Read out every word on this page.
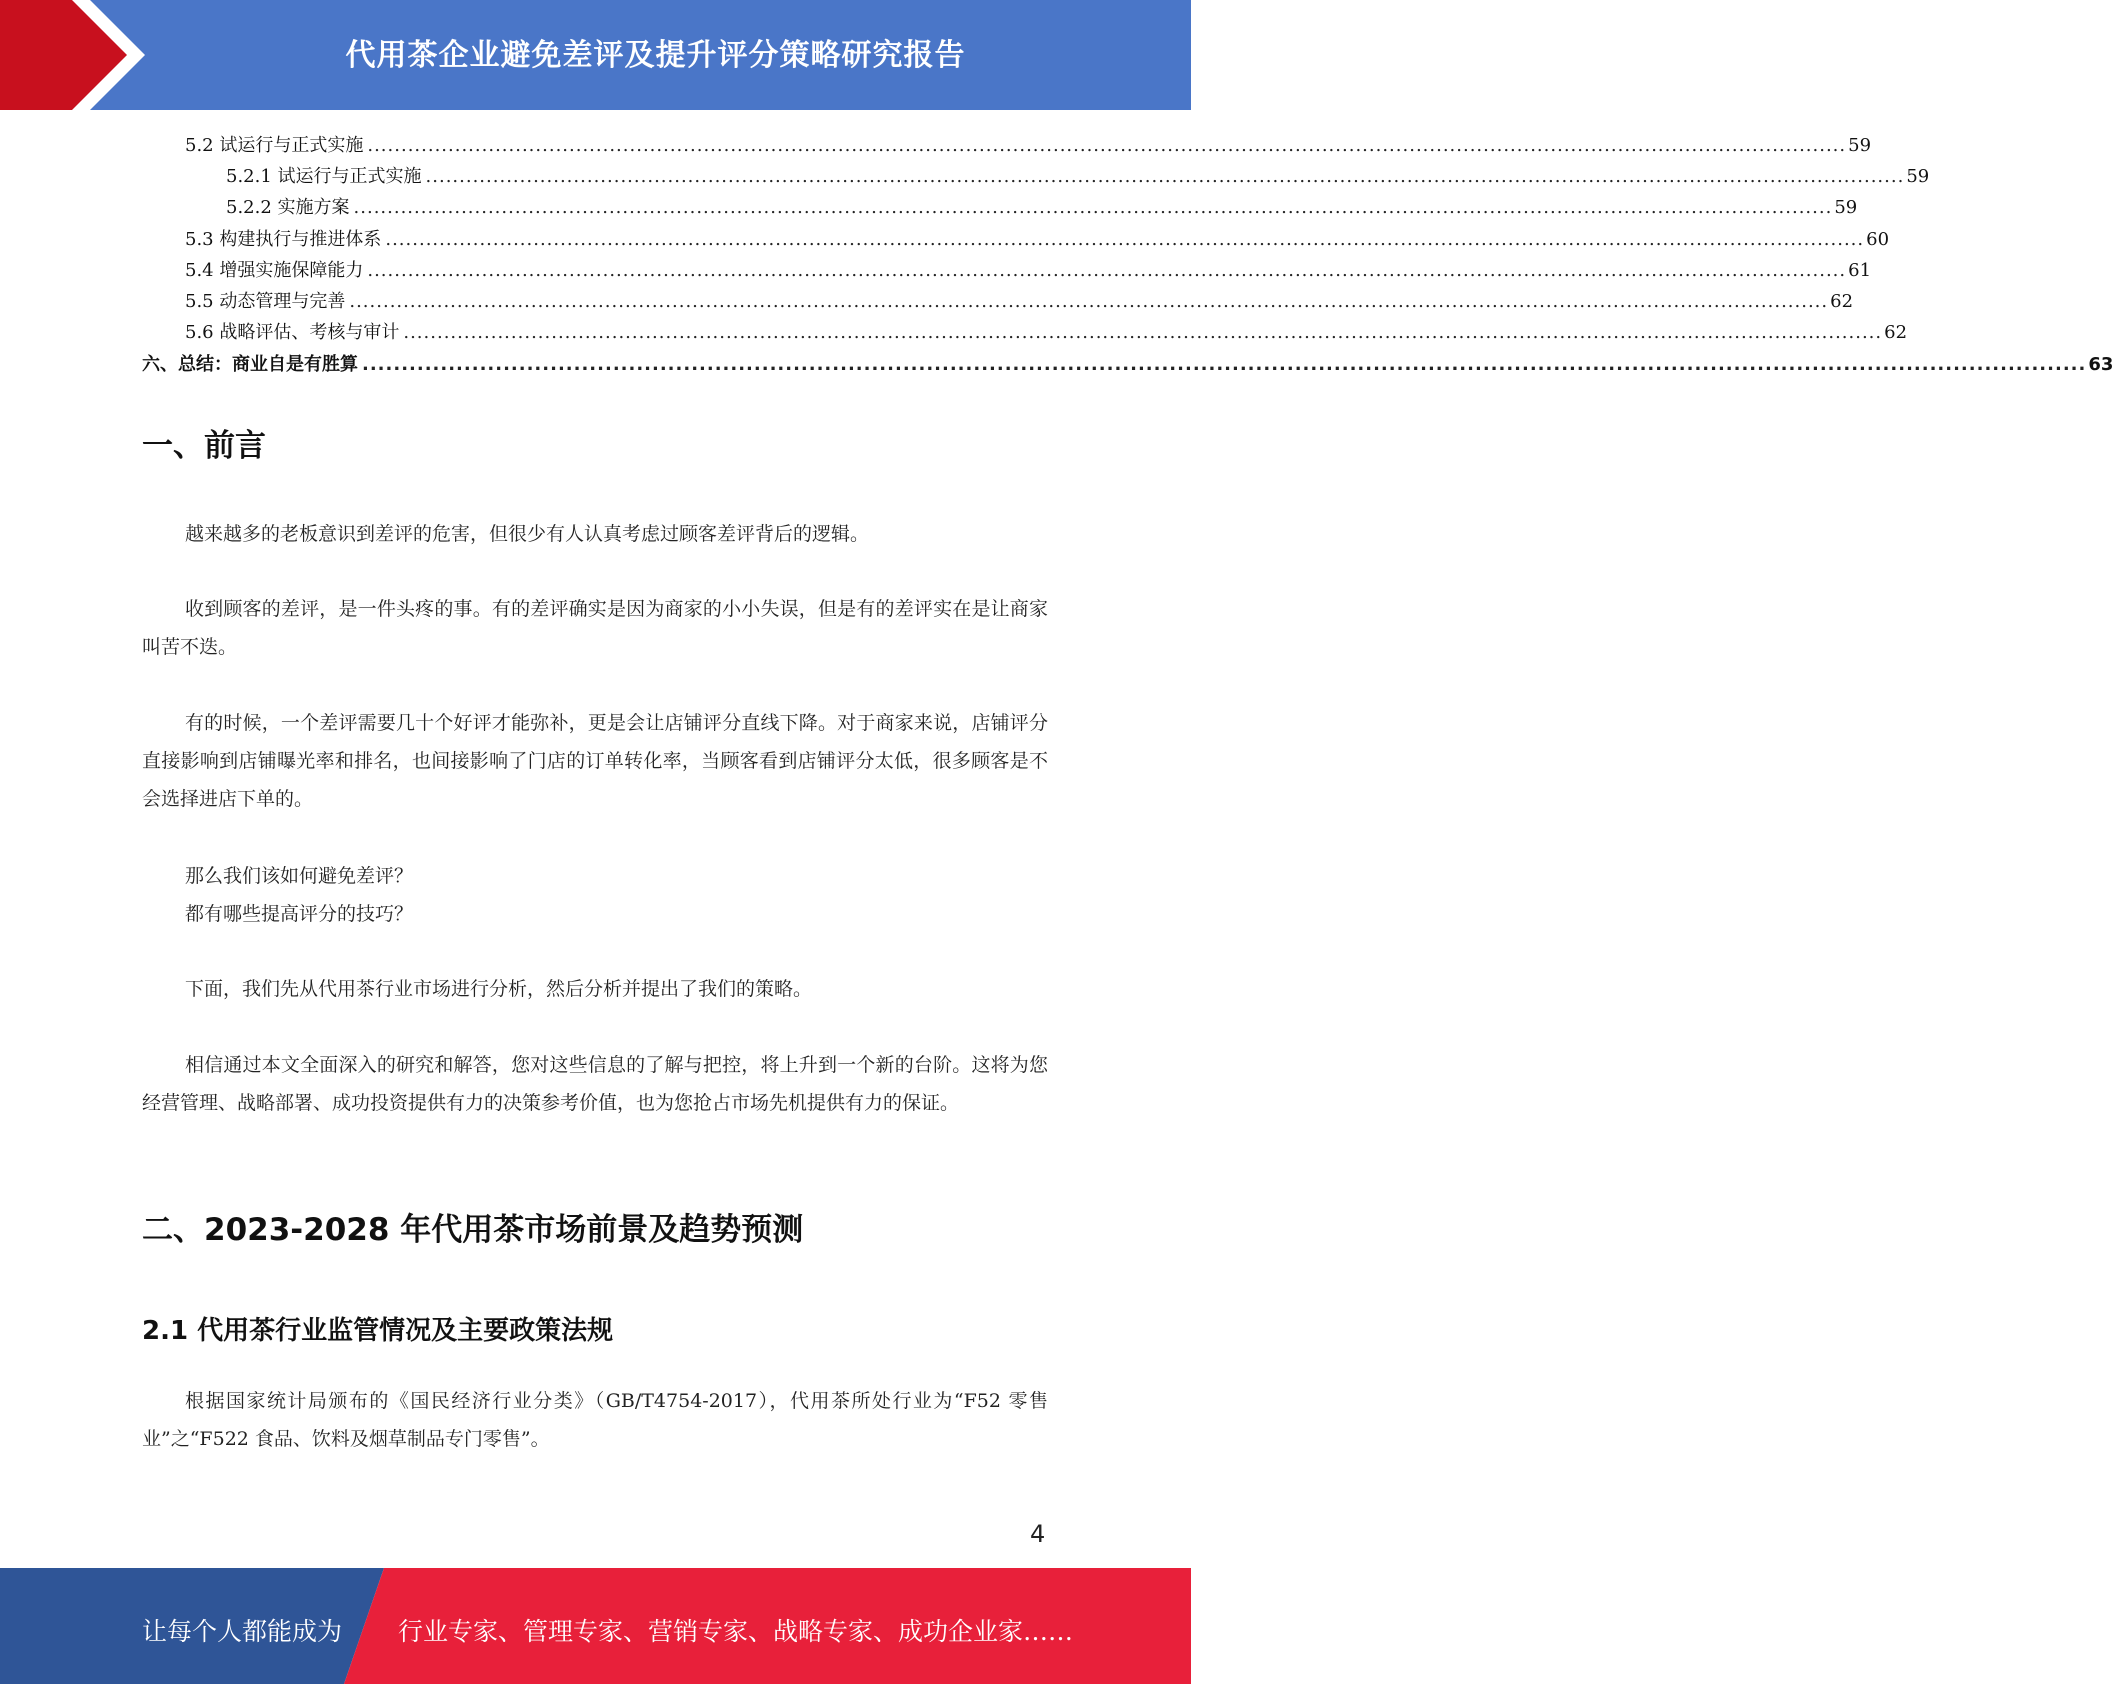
代用茶企业避免差评及提升评分策略研究报告
5.2 试运行与正式实施 ............................................................................................................................................................................................................................ 59
5.2.1 试运行与正式实施 ............................................................................................................................................................................................................................ 59
5.2.2 实施方案 ............................................................................................................................................................................................................................ 59
5.3 构建执行与推进体系 ............................................................................................................................................................................................................................ 60
5.4 增强实施保障能力 ............................................................................................................................................................................................................................ 61
5.5 动态管理与完善 ............................................................................................................................................................................................................................ 62
5.6 战略评估、考核与审计 ............................................................................................................................................................................................................................ 62
六、总结：商业自是有胜算 ............................................................................................................................................................................................................................ 63
一、前言
越来越多的老板意识到差评的危害，但很少有人认真考虑过顾客差评背后的逻辑。
收到顾客的差评，是一件头疼的事。有的差评确实是因为商家的小小失误，但是有的差评实在是让商家叫苦不迭。
有的时候，一个差评需要几十个好评才能弥补，更是会让店铺评分直线下降。对于商家来说，店铺评分直接影响到店铺曝光率和排名，也间接影响了门店的订单转化率，当顾客看到店铺评分太低，很多顾客是不会选择进店下单的。
那么我们该如何避免差评？
都有哪些提高评分的技巧？
下面，我们先从代用茶行业市场进行分析，然后分析并提出了我们的策略。
相信通过本文全面深入的研究和解答，您对这些信息的了解与把控，将上升到一个新的台阶。这将为您经营管理、战略部署、成功投资提供有力的决策参考价值，也为您抢占市场先机提供有力的保证。
二、2023-2028 年代用茶市场前景及趋势预测
2.1 代用茶行业监管情况及主要政策法规
根据国家统计局颁布的《国民经济行业分类》（GB/T4754-2017），代用茶所处行业为“F52 零售业”之“F522 食品、饮料及烟草制品专门零售”。
4
让每个人都能成为 行业专家、管理专家、营销专家、战略专家、成功企业家……
